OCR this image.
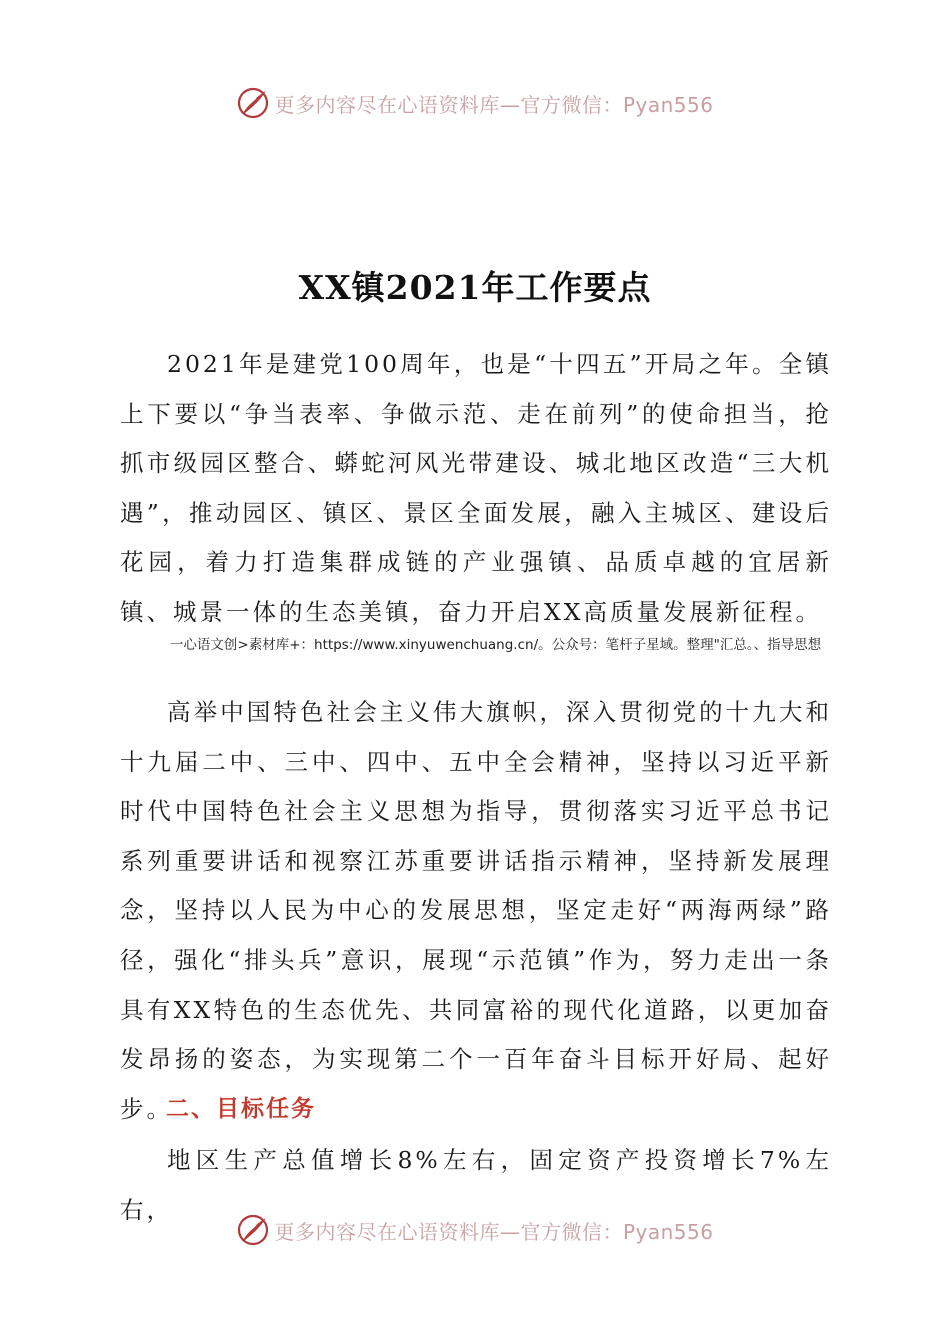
更多内容尽在心语资料库—官方微信：Pyan556
XX镇2021年工作要点

2021年是建党100周年，也是“十四五”开局之年。全镇上下要以“争当表率、争做示范、走在前列”的使命担当，抢抓市级园区整合、蟒蛇河风光带建设、城北地区改造“三大机遇”，推动园区、镇区、景区全面发展，融入主城区、建设后花园，着力打造集群成链的产业强镇、品质卓越的宜居新镇、城景一体的生态美镇，奋力开启XX高质量发展新征程。

一心语文创>素材库+：https://www.xinyuwenchuang.cn/。公众号：笔杆子星域。整理"汇总。、指导思想

高举中国特色社会主义伟大旗帜，深入贯彻党的十九大和十九届二中、三中、四中、五中全会精神，坚持以习近平新时代中国特色社会主义思想为指导，贯彻落实习近平总书记系列重要讲话和视察江苏重要讲话指示精神，坚持新发展理念，坚持以人民为中心的发展思想，坚定走好“两海两绿”路径，强化“排头兵”意识，展现“示范镇”作为，努力走出一条具有XX特色的生态优先、共同富裕的现代化道路，以更加奋发昂扬的姿态，为实现第二个一百年奋斗目标开好局、起好步。

二、目标任务

地区生产总值增长8%左右，固定资产投资增长7%左右，

更多内容尽在心语资料库—官方微信：Pyan556
